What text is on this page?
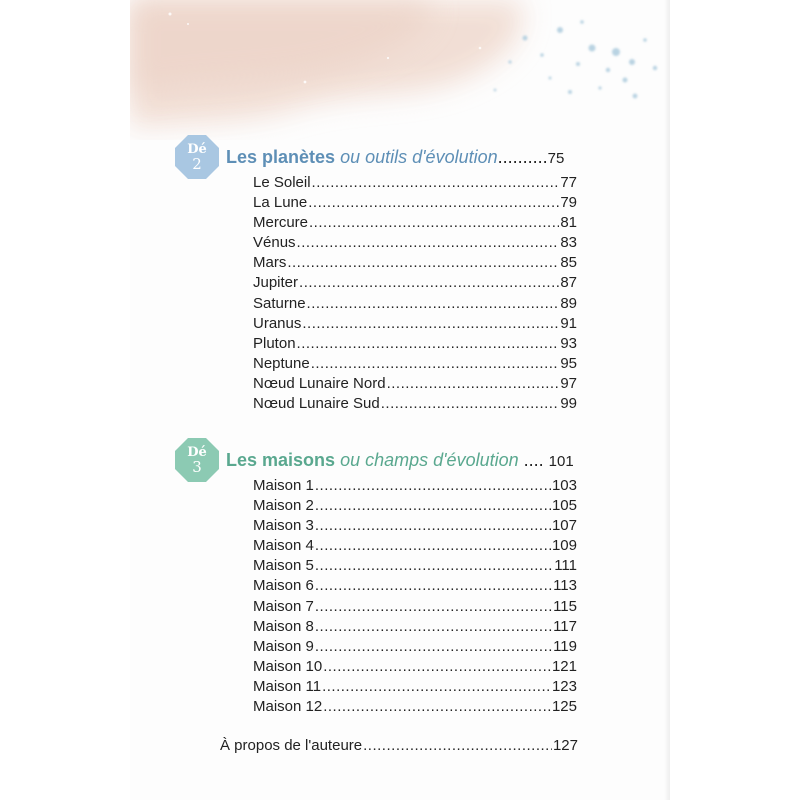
Dé
2 Les planètes ou outils d'évolution..........75
Le Soleil .....	77
La Lune .....	79
Mercure .....	81
Vénus .....	83
Mars .....	85
Jupiter .....	87
Saturne .....	89
Uranus .....	91
Pluton .....	93
Neptune .....	95
Nœud Lunaire Nord .....	97
Nœud Lunaire Sud .....	99
Dé
3 Les maisons ou champs d'évolution .... 101
Maison 1 .....	103
Maison 2 .....	105
Maison 3 .....	107
Maison 4 .....	109
Maison 5 .....	111
Maison 6 .....	113
Maison 7 .....	115
Maison 8 .....	117
Maison 9 .....	119
Maison 10 .....	121
Maison 11 .....	123
Maison 12 .....	125
À propos de l'auteure .....	127
